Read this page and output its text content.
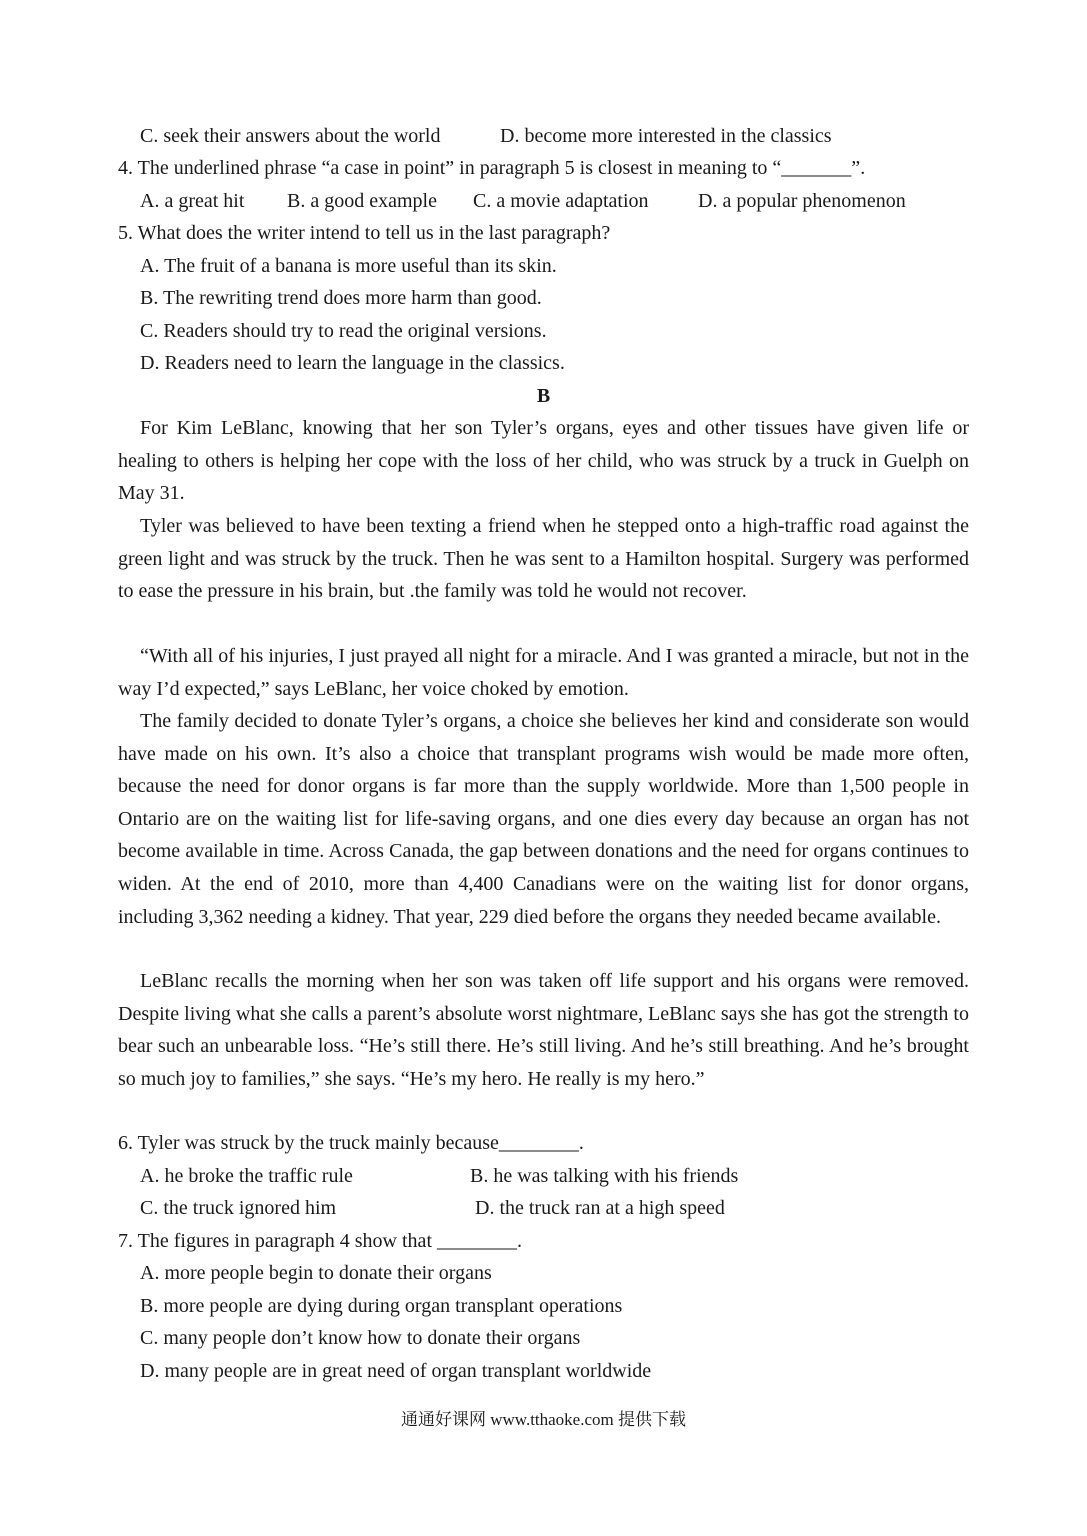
C. seek their answers about the world	D. become more interested in the classics
4. The underlined phrase “a case in point” in paragraph 5 is closest in meaning to “_______”.
A. a great hit B. a good example C. a movie adaptation D. a popular phenomenon
5. What does the writer intend to tell us in the last paragraph?
A. The fruit of a banana is more useful than its skin.
B. The rewriting trend does more harm than good.
C. Readers should try to read the original versions.
D. Readers need to learn the language in the classics.
B

For Kim LeBlanc, knowing that her son Tyler’s organs, eyes and other tissues have given life or healing to others is helping her cope with the loss of her child, who was struck by a truck in Guelph on May 31.

Tyler was believed to have been texting a friend when he stepped onto a high-traffic road against the green light and was struck by the truck. Then he was sent to a Hamilton hospital. Surgery was performed to ease the pressure in his brain, but .the family was told he would not recover.

“With all of his injuries, I just prayed all night for a miracle. And I was granted a miracle, but not in the way I’d expected,” says LeBlanc, her voice choked by emotion.

The family decided to donate Tyler’s organs, a choice she believes her kind and considerate son would have made on his own. It’s also a choice that transplant programs wish would be made more often, because the need for donor organs is far more than the supply worldwide. More than 1,500 people in Ontario are on the waiting list for life-saving organs, and one dies every day because an organ has not become available in time. Across Canada, the gap between donations and the need for organs continues to widen. At the end of 2010, more than 4,400 Canadians were on the waiting list for donor organs, including 3,362 needing a kidney. That year, 229 died before the organs they needed became available.

LeBlanc recalls the morning when her son was taken off life support and his organs were removed. Despite living what she calls a parent’s absolute worst nightmare, LeBlanc says she has got the strength to bear such an unbearable loss. “He’s still there. He’s still living. And he’s still breathing. And he’s brought so much joy to families,” she says. “He’s my hero. He really is my hero.”

6. Tyler was struck by the truck mainly because________.
A. he broke the traffic rule	B. he was talking with his friends
C. the truck ignored him	D. the truck ran at a high speed
7. The figures in paragraph 4 show that ________.
A. more people begin to donate their organs
B. more people are dying during organ transplant operations
C. many people don’t know how to donate their organs
D. many people are in great need of organ transplant worldwide
通通好课网 www.tthaoke.com 提供下载
